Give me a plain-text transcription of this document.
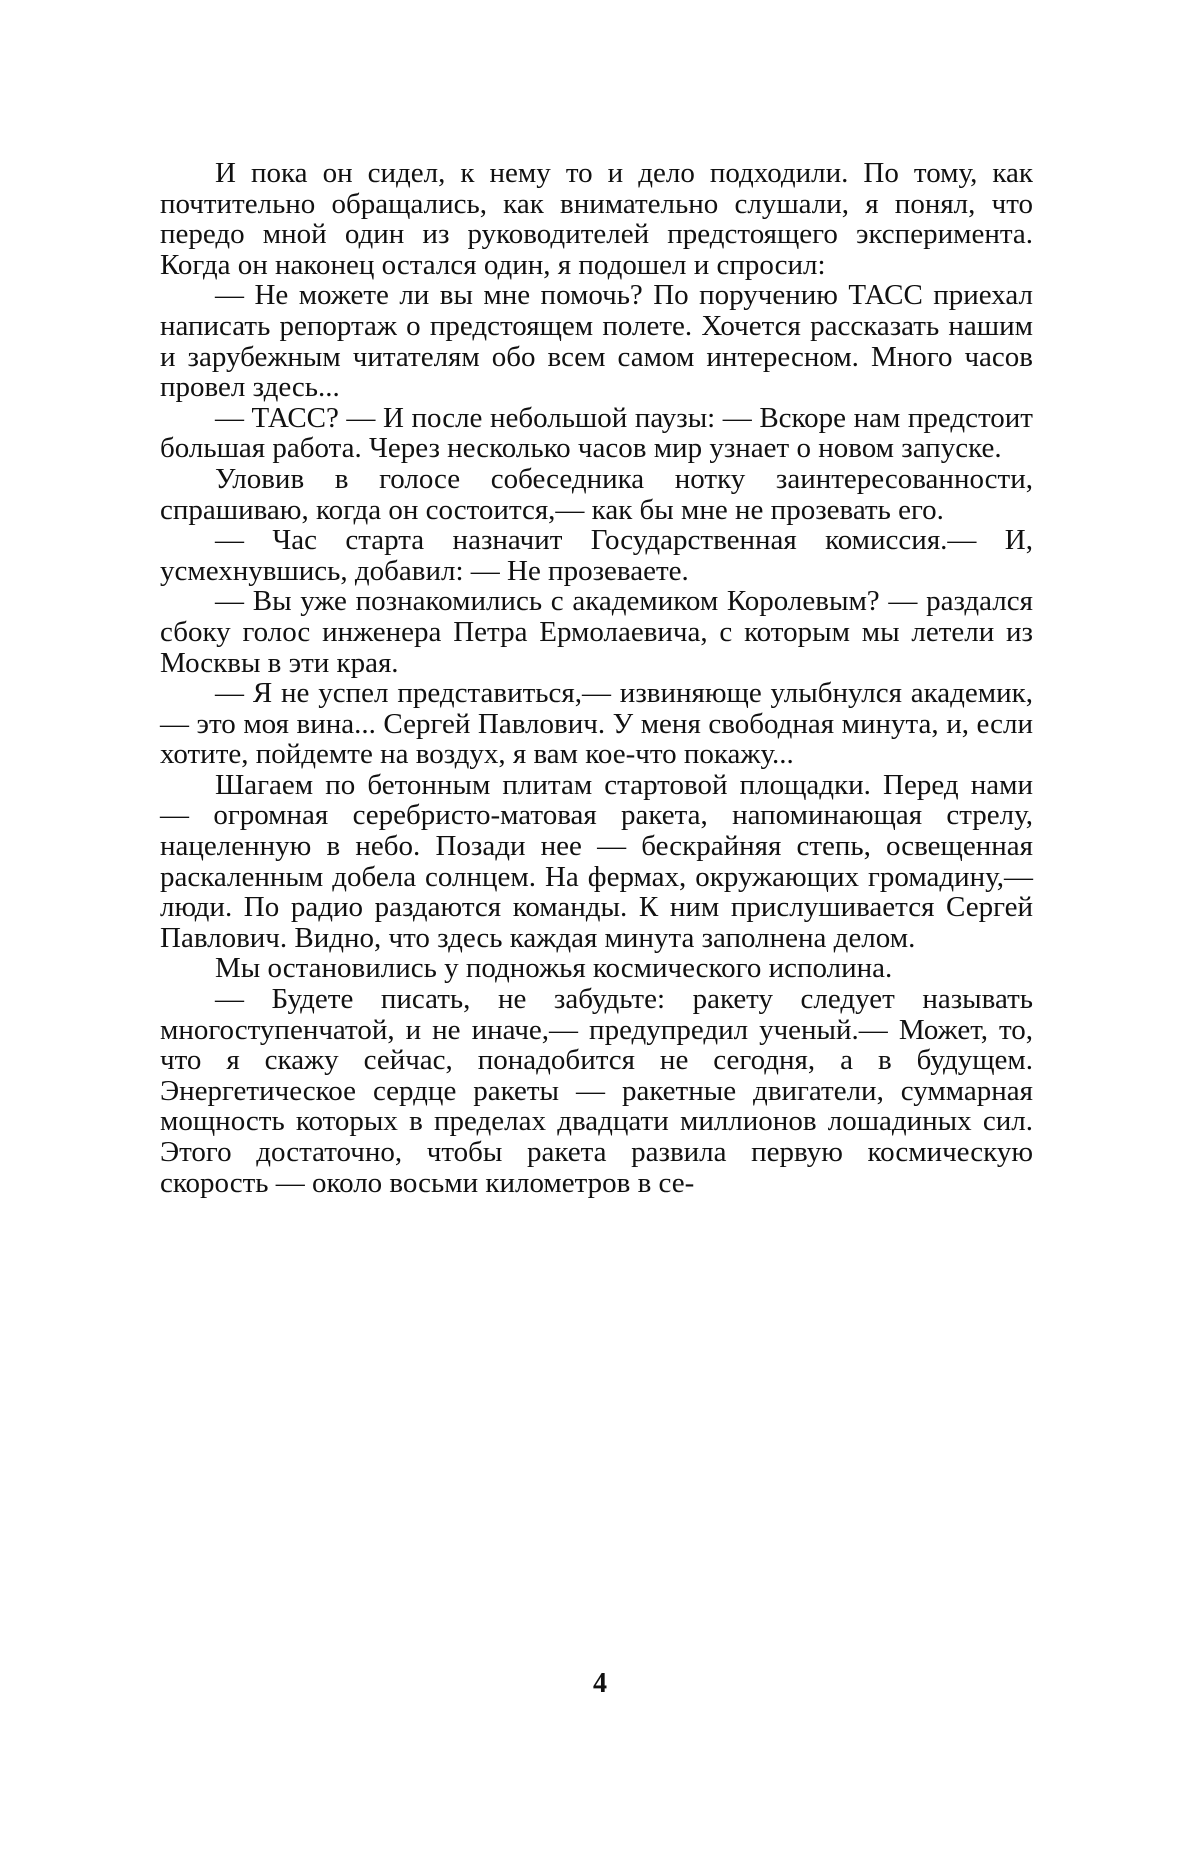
И пока он сидел, к нему то и дело подходили. По тому, как почтительно обращались, как внимательно слушали, я понял, что передо мной один из руководителей предстоящего эксперимента. Когда он наконец остался один, я подошел и спросил:

— Не можете ли вы мне помочь? По поручению ТАСС приехал написать репортаж о предстоящем полете. Хочется рассказать нашим и зарубежным читателям обо всем самом интересном. Много часов провел здесь...

— ТАСС? — И после небольшой паузы: — Вскоре нам предстоит большая работа. Через несколько часов мир узнает о новом запуске.

Уловив в голосе собеседника нотку заинтересованности, спрашиваю, когда он состоится,— как бы мне не прозевать его.

— Час старта назначит Государственная комиссия.— И, усмехнувшись, добавил: — Не прозеваете.

— Вы уже познакомились с академиком Королевым? — раздался сбоку голос инженера Петра Ермолаевича, с которым мы летели из Москвы в эти края.

— Я не успел представиться,— извиняюще улыбнулся академик,— это моя вина... Сергей Павлович. У меня свободная минута, и, если хотите, пойдемте на воздух, я вам кое-что покажу...

Шагаем по бетонным плитам стартовой площадки. Перед нами — огромная серебристо-матовая ракета, напоминающая стрелу, нацеленную в небо. Позади нее — бескрайняя степь, освещенная раскаленным добела солнцем. На фермах, окружающих громадину,— люди. По радио раздаются команды. К ним прислушивается Сергей Павлович. Видно, что здесь каждая минута заполнена делом.

Мы остановились у подножья космического исполина.

— Будете писать, не забудьте: ракету следует называть многоступенчатой, и не иначе,— предупредил ученый.— Может, то, что я скажу сейчас, понадобится не сегодня, а в будущем. Энергетическое сердце ракеты — ракетные двигатели, суммарная мощность которых в пределах двадцати миллионов лошадиных сил. Этого достаточно, чтобы ракета развила первую космическую скорость — около восьми километров в се-

4
